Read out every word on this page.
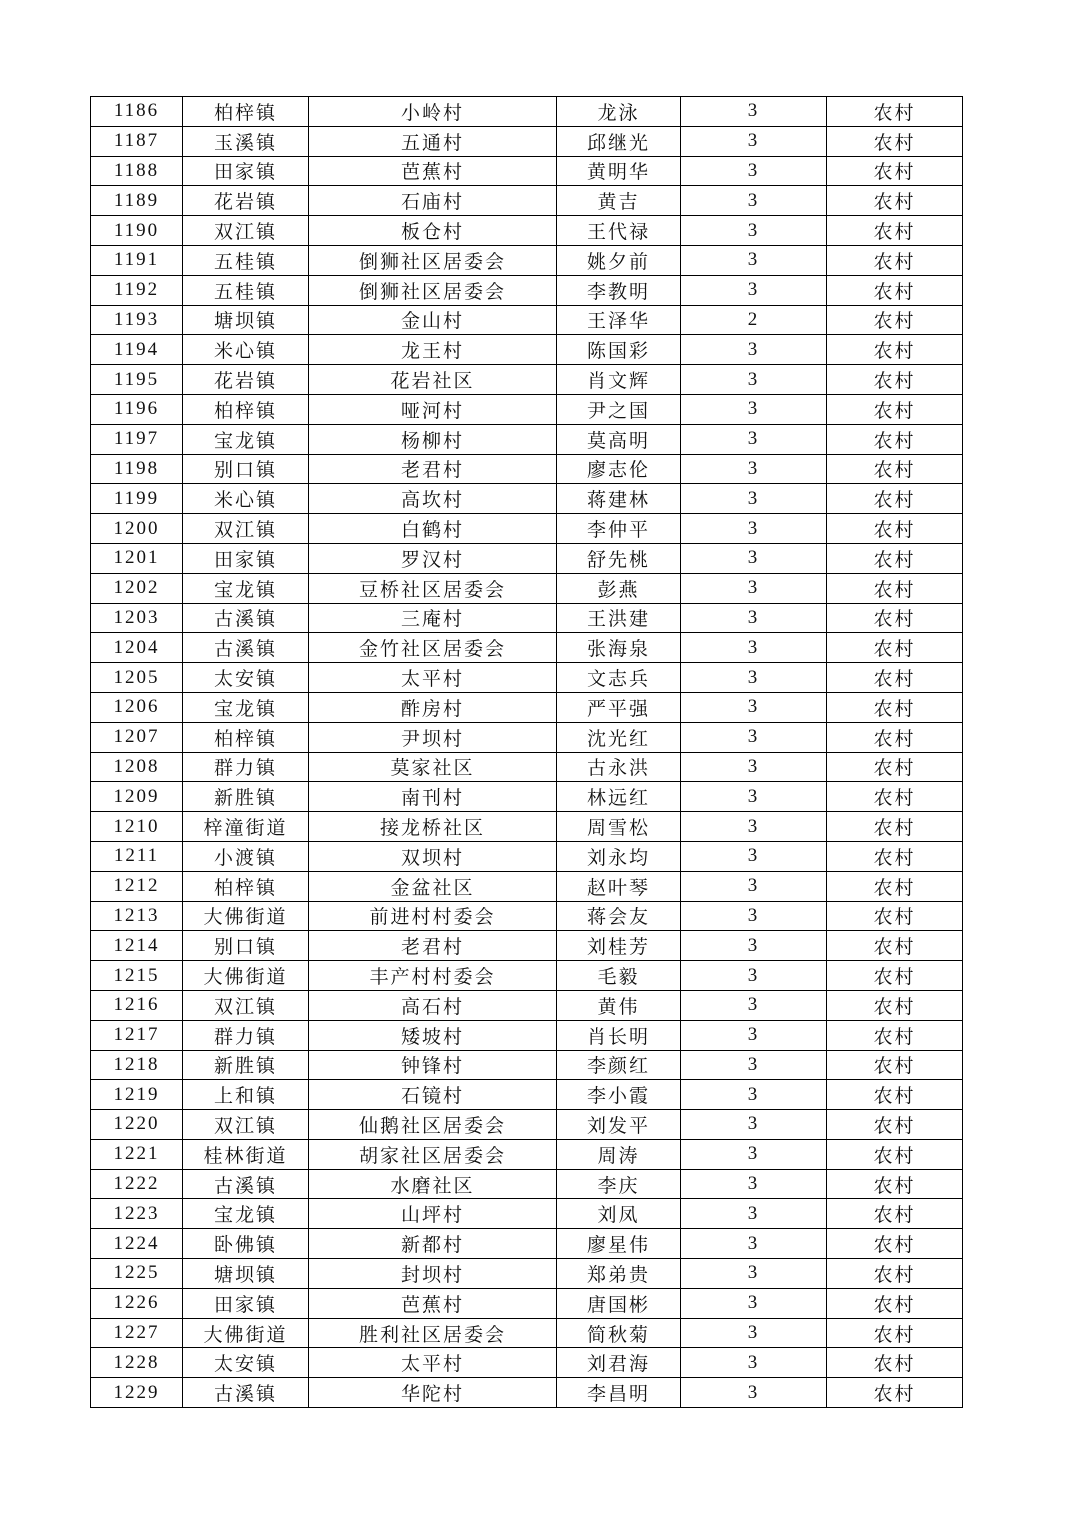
1186	柏梓镇	小岭村	龙泳	3	农村
1187	玉溪镇	五通村	邱继光	3	农村
1188	田家镇	芭蕉村	黄明华	3	农村
1189	花岩镇	石庙村	黄吉	3	农村
1190	双江镇	板仓村	王代禄	3	农村
1191	五桂镇	倒狮社区居委会	姚夕前	3	农村
1192	五桂镇	倒狮社区居委会	李教明	3	农村
1193	塘坝镇	金山村	王泽华	2	农村
1194	米心镇	龙王村	陈国彩	3	农村
1195	花岩镇	花岩社区	肖文辉	3	农村
1196	柏梓镇	哑河村	尹之国	3	农村
1197	宝龙镇	杨柳村	莫高明	3	农村
1198	别口镇	老君村	廖志伦	3	农村
1199	米心镇	高坎村	蒋建林	3	农村
1200	双江镇	白鹤村	李仲平	3	农村
1201	田家镇	罗汉村	舒先桃	3	农村
1202	宝龙镇	豆桥社区居委会	彭燕	3	农村
1203	古溪镇	三庵村	王洪建	3	农村
1204	古溪镇	金竹社区居委会	张海泉	3	农村
1205	太安镇	太平村	文志兵	3	农村
1206	宝龙镇	酢房村	严平强	3	农村
1207	柏梓镇	尹坝村	沈光红	3	农村
1208	群力镇	莫家社区	古永洪	3	农村
1209	新胜镇	南刊村	林远红	3	农村
1210	梓潼街道	接龙桥社区	周雪松	3	农村
1211	小渡镇	双坝村	刘永均	3	农村
1212	柏梓镇	金盆社区	赵叶琴	3	农村
1213	大佛街道	前进村村委会	蒋会友	3	农村
1214	别口镇	老君村	刘桂芳	3	农村
1215	大佛街道	丰产村村委会	毛毅	3	农村
1216	双江镇	高石村	黄伟	3	农村
1217	群力镇	矮坡村	肖长明	3	农村
1218	新胜镇	钟锋村	李颜红	3	农村
1219	上和镇	石镜村	李小霞	3	农村
1220	双江镇	仙鹅社区居委会	刘发平	3	农村
1221	桂林街道	胡家社区居委会	周涛	3	农村
1222	古溪镇	水磨社区	李庆	3	农村
1223	宝龙镇	山坪村	刘凤	3	农村
1224	卧佛镇	新都村	廖星伟	3	农村
1225	塘坝镇	封坝村	郑弟贵	3	农村
1226	田家镇	芭蕉村	唐国彬	3	农村
1227	大佛街道	胜利社区居委会	简秋菊	3	农村
1228	太安镇	太平村	刘君海	3	农村
1229	古溪镇	华陀村	李昌明	3	农村
